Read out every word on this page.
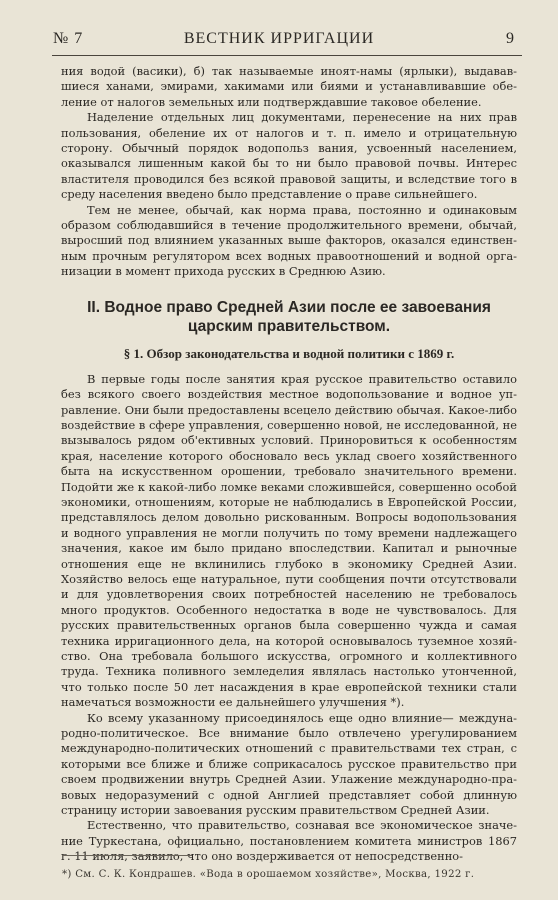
№ 7	ВЕСТНИК ИРРИГАЦИИ	9

ния водой (васики), б) так называемые иноят-намы (ярлыки), выдававшиеся ханами, эмирами, хакимами или биями и устанавливавшие обеление от налогов земельных или подтверждавшие таковое обеление.

Наделение отдельных лиц документами, перенесение на них прав пользования, обеление их от налогов и т. п. имело и отрицательную сторону. Обычный порядок водопольз вания, усвоенный населением, оказывался лишенным какой бы то ни было правовой почвы. Интерес властителя проводился без всякой правовой защиты, и вследствие того в среду населения введено было представление о праве сильнейшего.

Тем не менее, обычай, как норма права, постоянно и одинаковым образом соблюдавшийся в течение продолжительного времени, обычай, выросший под влиянием указанных выше факторов, оказался единственным прочным регулятором всех водных правоотношений и водной организации в момент прихода русских в Среднюю Азию.

II. Водное право Средней Азии после ее завоевания царским правительством.
§ 1. Обзор законодательства и водной политики с 1869 г.

В первые годы после занятия края русское правительство оставило без всякого своего воздействия местное водопользование и водное управление. Они были предоставлены всецело действию обычая. Какое-либо воздействие в сфере управления, совершенно новой, не исследованной, не вызывалось рядом об'ективных условий. Приноровиться к особенностям края, население которого обосновало весь уклад своего хозяйственного быта на искусственном орошении, требовало значительного времени. Подойти же к какой-либо ломке веками сложившейся, совершенно особой экономики, отношениям, которые не наблюдались в Европейской России, представлялось делом довольно рискованным. Вопросы водопользования и водного управления не могли получить по тому времени надлежащего значения, какое им было придано впоследствии. Капитал и рыночные отношения еще не вклинились глубоко в экономику Средней Азии. Хозяйство велось еще натуральное, пути сообщения почти отсутствовали и для удовлетворения своих потребностей населению не требовалось много продуктов. Особенного недостатка в воде не чувствовалось. Для русских правительственных органов была совершенно чужда и самая техника ирригационного дела, на которой основывалось туземное хозяйство. Она требовала большого искусства, огромного и коллективного труда. Техника поливного земледелия являлась настолько утонченной, что только после 50 лет насаждения в крае европейской техники стали намечаться возможности ее дальнейшего улучшения *).

Ко всему указанному присоединялось еще одно влияние— международно-политическое. Все внимание было отвлечено урегулированием международно-политических отношений с правительствами тех стран, с которыми все ближе и ближе соприкасалось русское правительство при своем продвижении внутрь Средней Азии. Улажение международно-правовых недоразумений с одной Англией представляет собой длинную страницу истории завоевания русским правительством Средней Азии.

Естественно, что правительство, сознавая все экономическое значение Туркестана, официально, постановлением комитета министров 1867 г. 11 июля, заявило, что оно воздерживается от непосредственно-

*) См. С. К. Кондрашев. «Вода в орошаемом хозяйстве», Москва, 1922 г.
